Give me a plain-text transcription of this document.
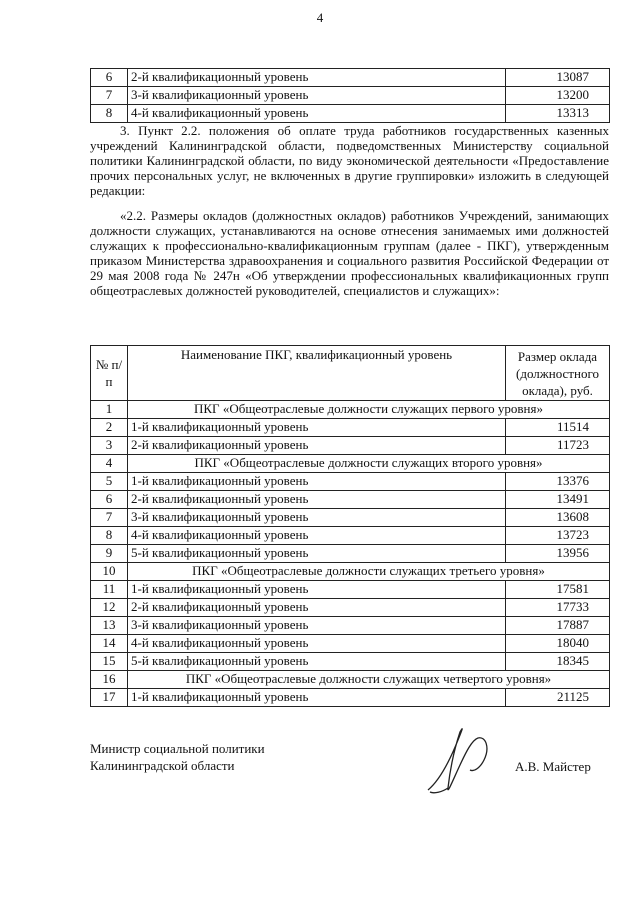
4
6	2-й квалификационный уровень	13087
7	3-й квалификационный уровень	13200
8	4-й квалификационный уровень	13313
3. Пункт 2.2. положения об оплате труда работников государственных казенных учреждений Калининградской области, подведомственных Министерству социальной политики Калининградской области, по виду экономической деятельности «Предоставление прочих персональных услуг, не включенных в другие группировки» изложить в следующей редакции:
«2.2. Размеры окладов (должностных окладов) работников Учреждений, занимающих должности служащих, устанавливаются на основе отнесения занимаемых ими должностей служащих к профессионально-квалификационным группам (далее - ПКГ), утвержденным приказом Министерства здравоохранения и социального развития Российской Федерации от 29 мая 2008 года № 247н «Об утверждении профессиональных квалификационных групп общеотраслевых должностей руководителей, специалистов и служащих»:
№ п/п	Наименование ПКГ, квалификационный уровень	Размер оклада (должностного оклада), руб.
1	ПКГ «Общеотраслевые должности служащих первого уровня»	
2	1-й квалификационный уровень	11514
3	2-й квалификационный уровень	11723
4	ПКГ «Общеотраслевые должности служащих второго уровня»	
5	1-й квалификационный уровень	13376
6	2-й квалификационный уровень	13491
7	3-й квалификационный уровень	13608
8	4-й квалификационный уровень	13723
9	5-й квалификационный уровень	13956
10	ПКГ «Общеотраслевые должности служащих третьего уровня»	
11	1-й квалификационный уровень	17581
12	2-й квалификационный уровень	17733
13	3-й квалификационный уровень	17887
14	4-й квалификационный уровень	18040
15	5-й квалификационный уровень	18345
16	ПКГ «Общеотраслевые должности служащих четвертого уровня»	
17	1-й квалификационный уровень	21125
Министр социальной политики
Калининградской области	А.В. Майстер
